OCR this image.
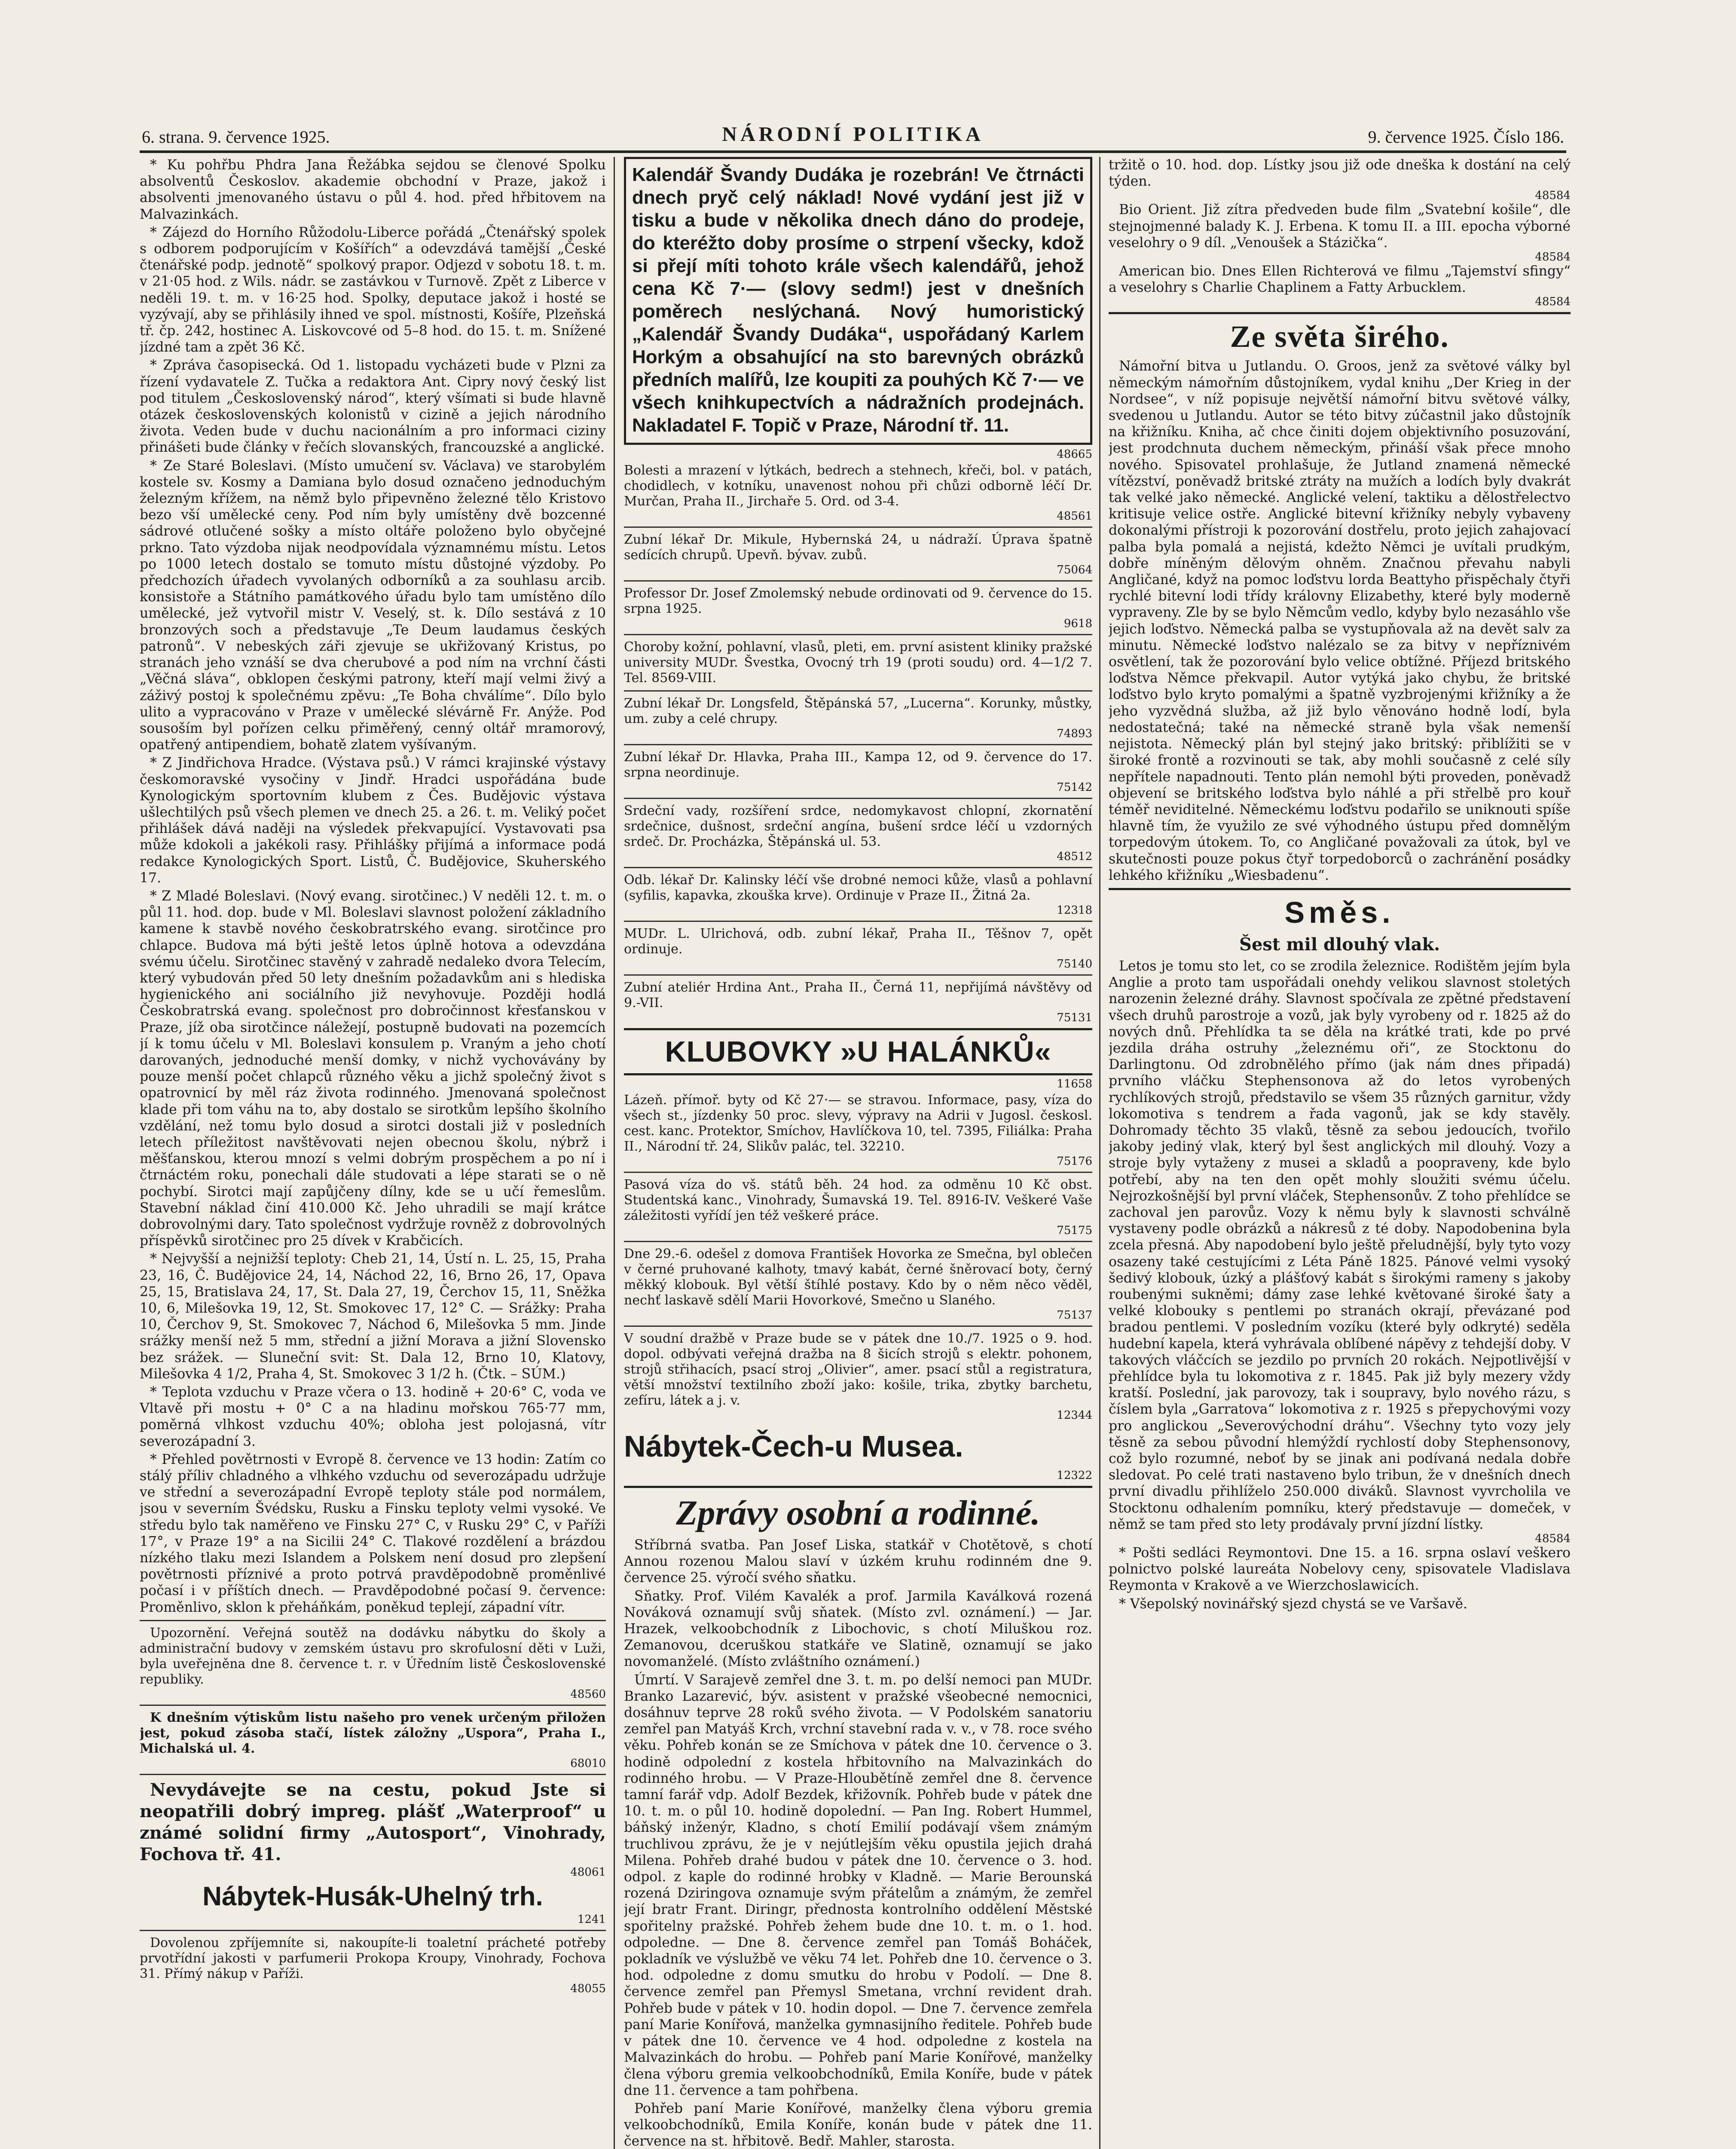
6. strana. 9. července 1925.	NÁRODNÍ POLITIKA	9. července 1925. Číslo 186.

* Ku pohřbu Phdra Jana Řežábka sejdou se členové Spolku absolventů Českoslov. akademie obchodní v Praze, jakož i absolventi jmenovaného ústavu o půl 4. hod. před hřbitovem na Malvazinkách.

* Zájezd do Horního Růžodolu-Liberce pořádá „Čtenářský spolek s odborem podporujícím v Košířích“ a odevzdává tamější „České čtenářské podp. jednotě“ spolkový prapor. Odjezd v sobotu 18. t. m. v 21·05 hod. z Wils. nádr. se zastávkou v Turnově. Zpět z Liberce v neděli 19. t. m. v 16·25 hod. Spolky, deputace jakož i hosté se vyzývají, aby se přihlásily ihned ve spol. místnosti, Košíře, Plzeňská tř. čp. 242, hostinec A. Liskovcové od 5–8 hod. do 15. t. m. Snížené jízdné tam a zpět 36 Kč.

* Zpráva časopisecká. Od 1. listopadu vycházeti bude v Plzni za řízení vydavatele Z. Tučka a redaktora Ant. Cipry nový český list pod titulem „Československý národ“, který všímati si bude hlavně otázek československých kolonistů v cizině a jejich národního života. Veden bude v duchu nacionálním a pro informaci ciziny přinášeti bude články v řečích slovanských, francouzské a anglické.

* Ze Staré Boleslavi. (Místo umučení sv. Václava) ve starobylém kostele sv. Kosmy a Damiana bylo dosud označeno jednoduchým železným křížem, na němž bylo připevněno železné tělo Kristovo bezo vší umělecké ceny. Pod ním byly umístěny dvě bozcenné sádrové otlučené sošky a místo oltáře položeno bylo obyčejné prkno. Tato výzdoba nijak neodpovídala významnému místu. Letos po 1000 letech dostalo se tomuto místu důstojné výzdoby. Po předchozích úřadech vyvolaných odborníků a za souhlasu arcib. konsistoře a Státního památkového úřadu bylo tam umístěno dílo umělecké, jež vytvořil mistr V. Veselý, st. k. Dílo sestává z 10 bronzových soch a představuje „Te Deum laudamus českých patronů“. V nebeských záři zjevuje se ukřižovaný Kristus, po stranách jeho vznáší se dva cherubové a pod ním na vrchní části „Věčná sláva“, obklopen českými patrony, kteří mají velmi živý a záživý postoj k společnému zpěvu: „Te Boha chválíme“. Dílo bylo ulito a vypracováno v Praze v umělecké slévárně Fr. Anýže. Pod sousoším byl pořízen celku přiměřený, cenný oltář mramorový, opatřený antipendiem, bohatě zlatem vyšívaným.

* Z Jindřichova Hradce. (Výstava psů.) V rámci krajinské výstavy českomoravské vysočiny v Jindř. Hradci uspořádána bude Kynologickým sportovním klubem z Čes. Budějovic výstava ušlechtilých psů všech plemen ve dnech 25. a 26. t. m. Veliký počet přihlášek dává naději na výsledek překvapující. Vystavovati psa může kdokoli a jakékoli rasy. Přihlášky přijímá a informace podá redakce Kynologických Sport. Listů, Č. Budějovice, Skuherského 17.

* Z Mladé Boleslavi. (Nový evang. sirotčinec.) V neděli 12. t. m. o půl 11. hod. dop. bude v Ml. Boleslavi slavnost položení základního kamene k stavbě nového českobratrského evang. sirotčince pro chlapce. Budova má býti ještě letos úplně hotova a odevzdána svému účelu. Sirotčinec stavěný v zahradě nedaleko dvora Telecím, který vybudován před 50 lety dnešním požadavkům ani s hlediska hygienického ani sociálního již nevyhovuje. Později hodlá Českobratrská evang. společnost pro dobročinnost křesťanskou v Praze, jíž oba sirotčince náležejí, postupně budovati na pozemcích jí k tomu účelu v Ml. Boleslavi konsulem p. Vraným a jeho chotí darovaných, jednoduché menší domky, v nichž vychovávány by pouze menší počet chlapců různého věku a jichž společný život s opatrovnicí by měl ráz života rodinného. Jmenovaná společnost klade při tom váhu na to, aby dostalo se sirotkům lepšího školního vzdělání, než tomu bylo dosud a sirotci dostali již v posledních letech příležitost navštěvovati nejen obecnou školu, nýbrž i měšťanskou, kterou mnozí s velmi dobrým prospěchem a po ní i čtrnáctém roku, ponechali dále studovati a lépe starati se o ně pochybí. Sirotci mají zapůjčeny dílny, kde se u učí řemeslům. Stavební náklad činí 410.000 Kč. Jeho uhradili se mají krátce dobrovolnými dary. Tato společnost vydržuje rovněž z dobrovolných příspěvků sirotčinec pro 25 dívek v Krabčicích.

* Nejvyšší a nejnižší teploty: Cheb 21, 14, Ústí n. L. 25, 15, Praha 23, 16, Č. Budějovice 24, 14, Náchod 22, 16, Brno 26, 17, Opava 25, 15, Bratislava 24, 17, St. Dala 27, 19, Čerchov 15, 11, Sněžka 10, 6, Milešovka 19, 12, St. Smokovec 17, 12° C. — Srážky: Praha 10, Čerchov 9, St. Smokovec 7, Náchod 6, Milešovka 5 mm. Jinde srážky menší než 5 mm, střední a jižní Morava a jižní Slovensko bez srážek. — Sluneční svit: St. Dala 12, Brno 10, Klatovy, Milešovka 4 1/2, Praha 4, St. Smokovec 3 1/2 h. (Čtk. – SÚM.)

* Teplota vzduchu v Praze včera o 13. hodině + 20·6° C, voda ve Vltavě při mostu + 0° C a na hladinu mořskou 765·77 mm, poměrná vlhkost vzduchu 40%; obloha jest polojasná, vítr severozápadní 3.

* Přehled povětrnosti v Evropě 8. července ve 13 hodin: Zatím co stálý příliv chladného a vlhkého vzduchu od severozápadu udržuje ve střední a severozápadní Evropě teploty stále pod normálem, jsou v severním Švédsku, Rusku a Finsku teploty velmi vysoké. Ve středu bylo tak naměřeno ve Finsku 27° C, v Rusku 29° C, v Paříži 17°, v Praze 19° a na Sicilii 24° C. Tlakové rozdělení a brázdou nízkého tlaku mezi Islandem a Polskem není dosud pro zlepšení povětrnosti příznivé a proto potrvá pravděpodobně proměnlivé počasí i v příštích dnech. — Pravděpodobné počasí 9. července: Proměnlivo, sklon k přeháňkám, poněkud teplejí, západní vítr.

Upozornění. Veřejná soutěž na dodávku nábytku do školy a administrační budovy v zemském ústavu pro skrofulosní děti v Luži, byla uveřejněna dne 8. července t. r. v Úředním listě Československé republiky.

48560

K dnešním výtiskům listu našeho pro venek určeným přiložen jest, pokud zásoba stačí, lístek záložny „Uspora“, Praha I., Michalská ul. 4.

68010

Nevydávejte se na cestu, pokud Jste si neopatřili dobrý impreg. plášť „Waterproof“ u známé solidní firmy „Autosport“, Vinohrady, Fochova tř. 41.

48061
Nábytek-Husák-Uhelný trh.
1241

Dovolenou zpříjemníte si, nakoupíte-li toaletní prácheté potřeby prvotřídní jakosti v parfumerii Prokopa Kroupy, Vinohrady, Fochova 31. Přímý nákup v Paříži.

48055

Kalendář Švandy Dudáka je rozebrán! Ve čtrnácti dnech pryč celý náklad! Nové vydání jest již v tisku a bude v několika dnech dáno do prodeje, do kteréžto doby prosíme o strpení všecky, kdož si přejí míti tohoto krále všech kalendářů, jehož cena Kč 7·— (slovy sedm!) jest v dnešních poměrech neslýchaná. Nový humoristický „Kalendář Švandy Dudáka“, uspořádaný Karlem Horkým a obsahující na sto barevných obrázků předních malířů, lze koupiti za pouhých Kč 7·— ve všech knihkupectvích a nádražních prodejnách. Nakladatel F. Topič v Praze, Národní tř. 11.

48665

Bolesti a mrazení v lýtkách, bedrech a stehnech, křeči, bol. v patách, chodidlech, v kotníku, unavenost nohou při chůzi odborně léčí Dr. Murčan, Praha II., Jirchaře 5. Ord. od 3-4.

48561

Zubní lékař Dr. Mikule, Hybernská 24, u nádraží. Úprava špatně sedících chrupů. Upevň. bývav. zubů.

75064

Professor Dr. Josef Zmolemský nebude ordinovati od 9. července do 15. srpna 1925.

9618

Choroby kožní, pohlavní, vlasů, pleti, em. první asistent kliniky pražské university MUDr. Švestka, Ovocný trh 19 (proti soudu) ord. 4—1/2 7. Tel. 8569-VIII.

Zubní lékař Dr. Longsfeld, Štěpánská 57, „Lucerna“. Korunky, můstky, um. zuby a celé chrupy.

74893

Zubní lékař Dr. Hlavka, Praha III., Kampa 12, od 9. července do 17. srpna neordinuje.

75142

Srdeční vady, rozšíření srdce, nedomykavost chlopní, zkornatění srdečnice, dušnost, srdeční angína, bušení srdce léčí u vzdorných srdeč. Dr. Procházka, Štěpánská ul. 53.

48512

Odb. lékař Dr. Kalinsky léčí vše drobné nemoci kůže, vlasů a pohlavní (syfilis, kapavka, zkouška krve). Ordinuje v Praze II., Žitná 2a.

12318

MUDr. L. Ulrichová, odb. zubní lékař, Praha II., Těšnov 7, opět ordinuje.

75140

Zubní ateliér Hrdina Ant., Praha II., Černá 11, nepřijímá návštěvy od 9.-VII.

75131
KLUBOVKY »U HALÁNKŮ«
11658

Lázeň. přímoř. byty od Kč 27·— se stravou. Informace, pasy, víza do všech st., jízdenky 50 proc. slevy, výpravy na Adrii v Jugosl. českosl. cest. kanc. Protektor, Smíchov, Havlíčkova 10, tel. 7395, Filiálka: Praha II., Národní tř. 24, Slikův palác, tel. 32210.

75176

Pasová víza do vš. států běh. 24 hod. za odměnu 10 Kč obst. Studentská kanc., Vinohrady, Šumavská 19. Tel. 8916-IV. Veškeré Vaše záležitosti vyřídí jen též veškeré práce.

75175

Dne 29.-6. odešel z domova František Hovorka ze Smečna, byl oblečen v černé pruhované kalhoty, tmavý kabát, černé šněrovací boty, černý měkký klobouk. Byl větší štíhlé postavy. Kdo by o něm něco věděl, nechť laskavě sdělí Marii Hovorkové, Smečno u Slaného.

75137

V soudní dražbě v Praze bude se v pátek dne 10./7. 1925 o 9. hod. dopol. odbývati veřejná dražba na 8 šicích strojů s elektr. pohonem, strojů střihacích, psací stroj „Olivier“, amer. psací stůl a registratura, větší množství textilního zboží jako: košile, trika, zbytky barchetu, zefíru, látek a j. v.

12344
Nábytek-Čech-u Musea.
12322
Zprávy osobní a rodinné.

Stříbrná svatba. Pan Josef Liska, statkář v Chotětově, s chotí Annou rozenou Malou slaví v úzkém kruhu rodinném dne 9. července 25. výročí svého sňatku.

Sňatky. Prof. Vilém Kavalék a prof. Jarmila Kaválková rozená Nováková oznamují svůj sňatek. (Místo zvl. oznámení.) — Jar. Hrazek, velkoobchodník z Libochovic, s chotí Miluškou roz. Zemanovou, dceruškou statkáře ve Slatině, oznamují se jako novomanželé. (Místo zvláštního oznámení.)

Úmrtí. V Sarajevě zemřel dne 3. t. m. po delší nemoci pan MUDr. Branko Lazarević, býv. asistent v pražské všeobecné nemocnici, dosáhnuv teprve 28 roků svého života. — V Podolském sanatoriu zemřel pan Matyáš Krch, vrchní stavební rada v. v., v 78. roce svého věku. Pohřeb konán se ze Smíchova v pátek dne 10. července o 3. hodině odpolední z kostela hřbitovního na Malvazinkách do rodinného hrobu. — V Praze-Hloubětíně zemřel dne 8. července tamní farář vdp. Adolf Bezdek, křižovník. Pohřeb bude v pátek dne 10. t. m. o půl 10. hodině dopolední. — Pan Ing. Robert Hummel, báňský inženýr, Kladno, s chotí Emilií podávají všem známým truchlivou zprávu, že je v nejútlejším věku opustila jejich drahá Milena. Pohřeb drahé budou v pátek dne 10. července o 3. hod. odpol. z kaple do rodinné hrobky v Kladně. — Marie Berounská rozená Dziringova oznamuje svým přátelům a známým, že zemřel její bratr Frant. Diringr, přednosta kontrolního oddělení Městské spořitelny pražské. Pohřeb žehem bude dne 10. t. m. o 1. hod. odpoledne. — Dne 8. července zemřel pan Tomáš Boháček, pokladník ve výslužbě ve věku 74 let. Pohřeb dne 10. července o 3. hod. odpoledne z domu smutku do hrobu v Podolí. — Dne 8. července zemřel pan Přemysl Smetana, vrchní revident drah. Pohřeb bude v pátek v 10. hodin dopol. — Dne 7. července zemřela paní Marie Konířová, manželka gymnasijního ředitele. Pohřeb bude v pátek dne 10. července ve 4 hod. odpoledne z kostela na Malvazinkách do hrobu. — Pohřeb paní Marie Konířové, manželky člena výboru gremia velkoobchodníků, Emila Koníře, bude v pátek dne 11. července a tam pohřbena.

Pohřeb paní Marie Konířové, manželky člena výboru gremia velkoobchodníků, Emila Koníře, konán bude v pátek dne 11. července na st. hřbitově. Bedř. Mahler, starosta.

tržitě o 10. hod. dop. Lístky jsou již ode dneška k dostání na celý týden.

48584

Bio Orient. Již zítra předveden bude film „Svatební košile“, dle stejnojmenné balady K. J. Erbena. K tomu II. a III. epocha výborné veselohry o 9 díl. „Venoušek a Stázička“.

48584

American bio. Dnes Ellen Richterová ve filmu „Tajemství sfingy“ a veselohry s Charlie Chaplinem a Fatty Arbucklem.

48584
Ze světa širého.

Námořní bitva u Jutlandu. O. Groos, jenž za světové války byl německým námořním důstojníkem, vydal knihu „Der Krieg in der Nordsee“, v níž popisuje největší námořní bitvu světové války, svedenou u Jutlandu. Autor se této bitvy zúčastnil jako důstojník na křižníku. Kniha, ač chce činiti dojem objektivního posuzování, jest prodchnuta duchem německým, přináší však přece mnoho nového. Spisovatel prohlašuje, že Jutland znamená německé vítězství, poněvadž britské ztráty na mužích a lodích byly dvakrát tak velké jako německé. Anglické velení, taktiku a dělostřelectvo kritisuje velice ostře. Anglické bitevní křižníky nebyly vybaveny dokonalými přístroji k pozorování dostřelu, proto jejich zahajovací palba byla pomalá a nejistá, kdežto Němci je uvítali prudkým, dobře míněným dělovým ohněm. Značnou převahu nabyli Angličané, když na pomoc loďstvu lorda Beattyho přispěchaly čtyři rychlé bitevní lodi třídy královny Elizabethy, které byly moderně vypraveny. Zle by se bylo Němcům vedlo, kdyby bylo nezasáhlo vše jejich loďstvo. Německá palba se vystupňovala až na devět salv za minutu. Německé loďstvo nalézalo se za bitvy v nepříznivém osvětlení, tak že pozorování bylo velice obtížné. Příjezd britského loďstva Němce překvapil. Autor vytýká jako chybu, že britské loďstvo bylo kryto pomalými a špatně vyzbrojenými křižníky a že jeho vyzvědná služba, až již bylo věnováno hodně lodí, byla nedostatečná; také na německé straně byla však nemenší nejistota. Německý plán byl stejný jako britský: přiblížiti se v široké frontě a rozvinouti se tak, aby mohli současně z celé síly nepřítele napadnouti. Tento plán nemohl býti proveden, poněvadž objevení se britského loďstva bylo náhlé a při střelbě pro kouř téměř neviditelné. Německému loďstvu podařilo se uniknouti spíše hlavně tím, že využilo ze své výhodného ústupu před domnělým torpedovým útokem. To, co Angličané považovali za útok, byl ve skutečnosti pouze pokus čtyř torpedoborců o zachránění posádky lehkého křižníku „Wiesbadenu“.

Směs.
Šest mil dlouhý vlak.

Letos je tomu sto let, co se zrodila železnice. Rodištěm jejím byla Anglie a proto tam uspořádali onehdy velikou slavnost stoletých narozenin železné dráhy. Slavnost spočívala ze zpětné představení všech druhů parostroje a vozů, jak byly vyrobeny od r. 1825 až do nových dnů. Přehlídka ta se děla na krátké trati, kde po prvé jezdila dráha ostruhy „železnému oři“, ze Stocktonu do Darlingtonu. Od zdrobnělého přímo (jak nám dnes připadá) prvního vláčku Stephensonova až do letos vyrobených rychlíkových strojů, představilo se všem 35 různých garnitur, vždy lokomotiva s tendrem a řada vagonů, jak se kdy stavěly. Dohromady těchto 35 vlaků, těsně za sebou jedoucích, tvořilo jakoby jediný vlak, který byl šest anglických mil dlouhý. Vozy a stroje byly vytaženy z musei a skladů a poopraveny, kde bylo potřebí, aby na ten den opět mohly sloužiti svému účelu. Nejrozkošnější byl první vláček, Stephensonův. Z toho přehlídce se zachoval jen parovůz. Vozy k němu byly k slavnosti schválně vystaveny podle obrázků a nákresů z té doby. Napodobenina byla zcela přesná. Aby napodobení bylo ještě přeludnější, byly tyto vozy osazeny také cestujícími z Léta Páně 1825. Pánové velmi vysoký šedivý klobouk, úzký a plášťový kabát s širokými rameny s jakoby roubenými sukněmi; dámy zase lehké květované široké šaty a velké klobouky s pentlemi po stranách okrají, převázané pod bradou pentlemi. V posledním vozíku (které byly odkryté) seděla hudební kapela, která vyhrávala oblíbené nápěvy z tehdejší doby. V takových vláčcích se jezdilo po prvních 20 rokách. Nejpotlivější v přehlídce byla tu lokomotiva z r. 1845. Pak již byly mezery vždy kratší. Poslední, jak parovozy, tak i soupravy, bylo nového rázu, s číslem byla „Garratova“ lokomotiva z r. 1925 s přepychovými vozy pro anglickou „Severovýchodní dráhu“. Všechny tyto vozy jely těsně za sebou původní hlemýždí rychlostí doby Stephensonovy, což bylo rozumné, neboť by se jinak ani podívaná nedala dobře sledovat. Po celé trati nastaveno bylo tribun, že v dnešních dnech první divadlu přihlíželo 250.000 diváků. Slavnost vyvrcholila ve Stocktonu odhalením pomníku, který představuje — domeček, v němž se tam před sto lety prodávaly první jízdní lístky.

48584

* Pošti sedláci Reymontovi. Dne 15. a 16. srpna oslaví veškero polnictvo polské laureáta Nobelovy ceny, spisovatele Vladislava Reymonta v Krakově a ve Wierzchoslawicích.

* Všepolský novinářský sjezd chystá se ve Varšavě.
